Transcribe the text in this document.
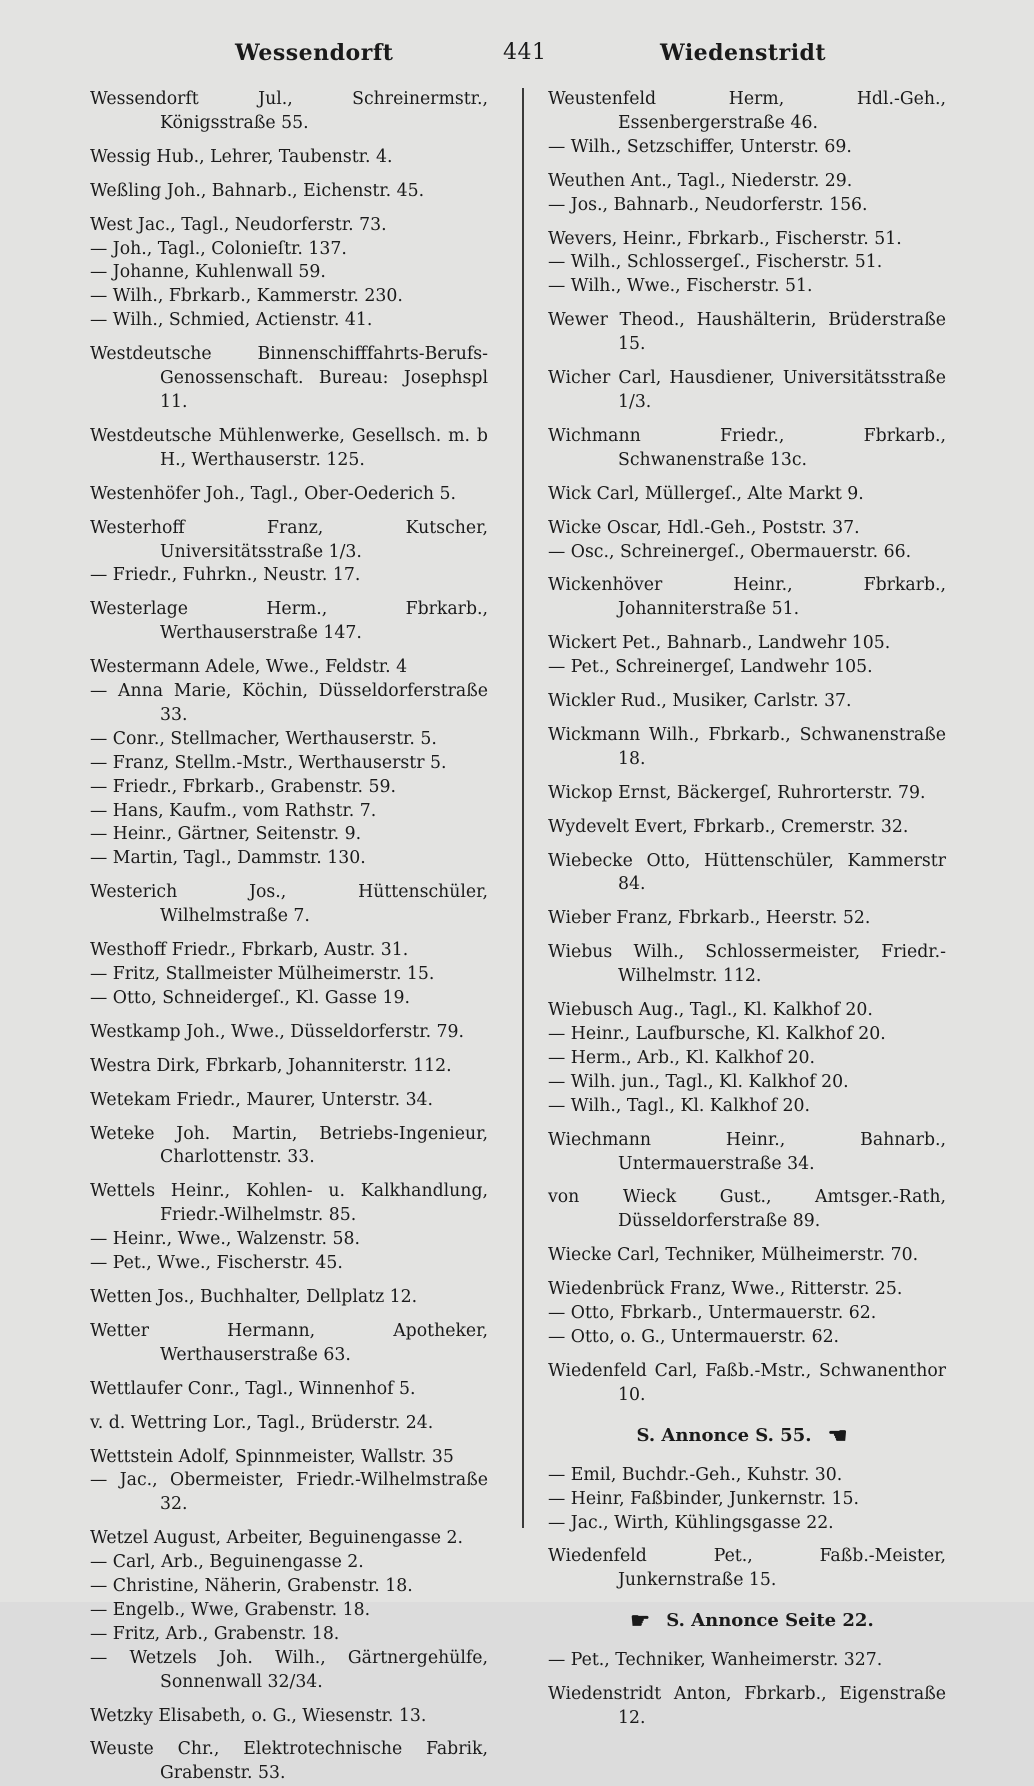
Wessendorft	441	Wiedenstridt

Wessendorft Jul., Schreinermstr., Königsstraße 55.

Wessig Hub., Lehrer, Taubenstr. 4.

Weßling Joh., Bahnarb., Eichenstr. 45.

West Jac., Tagl., Neudorferstr. 73.

— Joh., Tagl., Colonieſtr. 137.

— Johanne, Kuhlenwall 59.

— Wilh., Fbrkarb., Kammerstr. 230.

— Wilh., Schmied, Actienstr. 41.

Westdeutsche Binnenschifffahrts-Berufs-Genossenschaft. Bureau: Josephspl 11.

Westdeutsche Mühlenwerke, Gesellsch. m. b H., Werthauserstr. 125.

Westenhöfer Joh., Tagl., Ober-Oederich 5.

Westerhoff Franz, Kutscher, Universitätsstraße 1/3.

— Friedr., Fuhrkn., Neustr. 17.

Westerlage Herm., Fbrkarb., Werthauserstraße 147.

Westermann Adele, Wwe., Feldstr. 4

— Anna Marie, Köchin, Düsseldorferstraße 33.

— Conr., Stellmacher, Werthauserstr. 5.

— Franz, Stellm.-Mstr., Werthauserstr 5.

— Friedr., Fbrkarb., Grabenstr. 59.

— Hans, Kaufm., vom Rathstr. 7.

— Heinr., Gärtner, Seitenstr. 9.

— Martin, Tagl., Dammstr. 130.

Westerich Jos., Hüttenschüler, Wilhelmstraße 7.

Westhoff Friedr., Fbrkarb, Austr. 31.

— Fritz, Stallmeister Mülheimerstr. 15.

— Otto, Schneidergeſ., Kl. Gasse 19.

Westkamp Joh., Wwe., Düsseldorferstr. 79.

Westra Dirk, Fbrkarb, Johanniterstr. 112.

Wetekam Friedr., Maurer, Unterstr. 34.

Weteke Joh. Martin, Betriebs-Ingenieur, Charlottenstr. 33.

Wettels Heinr., Kohlen- u. Kalkhandlung, Friedr.-Wilhelmstr. 85.

— Heinr., Wwe., Walzenstr. 58.

— Pet., Wwe., Fischerstr. 45.

Wetten Jos., Buchhalter, Dellplatz 12.

Wetter Hermann, Apotheker, Werthauserstraße 63.

Wettlaufer Conr., Tagl., Winnenhof 5.

v. d. Wettring Lor., Tagl., Brüderstr. 24.

Wettstein Adolf, Spinnmeister, Wallstr. 35

— Jac., Obermeister, Friedr.-Wilhelmstraße 32.

Wetzel August, Arbeiter, Beguinengasse 2.

— Carl, Arb., Beguinengasse 2.

— Christine, Näherin, Grabenstr. 18.

— Engelb., Wwe, Grabenstr. 18.

— Fritz, Arb., Grabenstr. 18.

— Wetzels Joh. Wilh., Gärtnergehülfe, Sonnenwall 32/34.

Wetzky Elisabeth, o. G., Wiesenstr. 13.

Weuste Chr., Elektrotechnische Fabrik, Grabenstr. 53.

Weustenfeld Herm, Hdl.-Geh., Essenbergerstraße 46.

— Wilh., Setzschiffer, Unterstr. 69.

Weuthen Ant., Tagl., Niederstr. 29.

— Jos., Bahnarb., Neudorferstr. 156.

Wevers, Heinr., Fbrkarb., Fischerstr. 51.

— Wilh., Schlossergeſ., Fischerstr. 51.

— Wilh., Wwe., Fischerstr. 51.

Wewer Theod., Haushälterin, Brüderstraße 15.

Wicher Carl, Hausdiener, Universitätsstraße 1/3.

Wichmann Friedr., Fbrkarb., Schwanenstraße 13c.

Wick Carl, Müllergeſ., Alte Markt 9.

Wicke Oscar, Hdl.-Geh., Poststr. 37.

— Osc., Schreinergeſ., Obermauerstr. 66.

Wickenhöver Heinr., Fbrkarb., Johanniterstraße 51.

Wickert Pet., Bahnarb., Landwehr 105.

— Pet., Schreinergeſ, Landwehr 105.

Wickler Rud., Musiker, Carlstr. 37.

Wickmann Wilh., Fbrkarb., Schwanenstraße 18.

Wickop Ernst, Bäckergeſ, Ruhrorterstr. 79.

Wydevelt Evert, Fbrkarb., Cremerstr. 32.

Wiebecke Otto, Hüttenschüler, Kammerstr 84.

Wieber Franz, Fbrkarb., Heerstr. 52.

Wiebus Wilh., Schlossermeister, Friedr.-Wilhelmstr. 112.

Wiebusch Aug., Tagl., Kl. Kalkhof 20.

— Heinr., Laufbursche, Kl. Kalkhof 20.

— Herm., Arb., Kl. Kalkhof 20.

— Wilh. jun., Tagl., Kl. Kalkhof 20.

— Wilh., Tagl., Kl. Kalkhof 20.

Wiechmann Heinr., Bahnarb., Untermauerstraße 34.

von Wieck Gust., Amtsger.-Rath, Düsseldorferstraße 89.

Wiecke Carl, Techniker, Mülheimerstr. 70.

Wiedenbrück Franz, Wwe., Ritterstr. 25.

— Otto, Fbrkarb., Untermauerstr. 62.

— Otto, o. G., Untermauerstr. 62.

Wiedenfeld Carl, Faßb.-Mstr., Schwanenthor 10.

S. Annonce S. 55. ☚

— Emil, Buchdr.-Geh., Kuhstr. 30.

— Heinr, Faßbinder, Junkernstr. 15.

— Jac., Wirth, Kühlingsgasse 22.

Wiedenfeld Pet., Faßb.-Meister, Junkernstraße 15.

☛ S. Annonce Seite 22.

— Pet., Techniker, Wanheimerstr. 327.

Wiedenstridt Anton, Fbrkarb., Eigenstraße 12.
